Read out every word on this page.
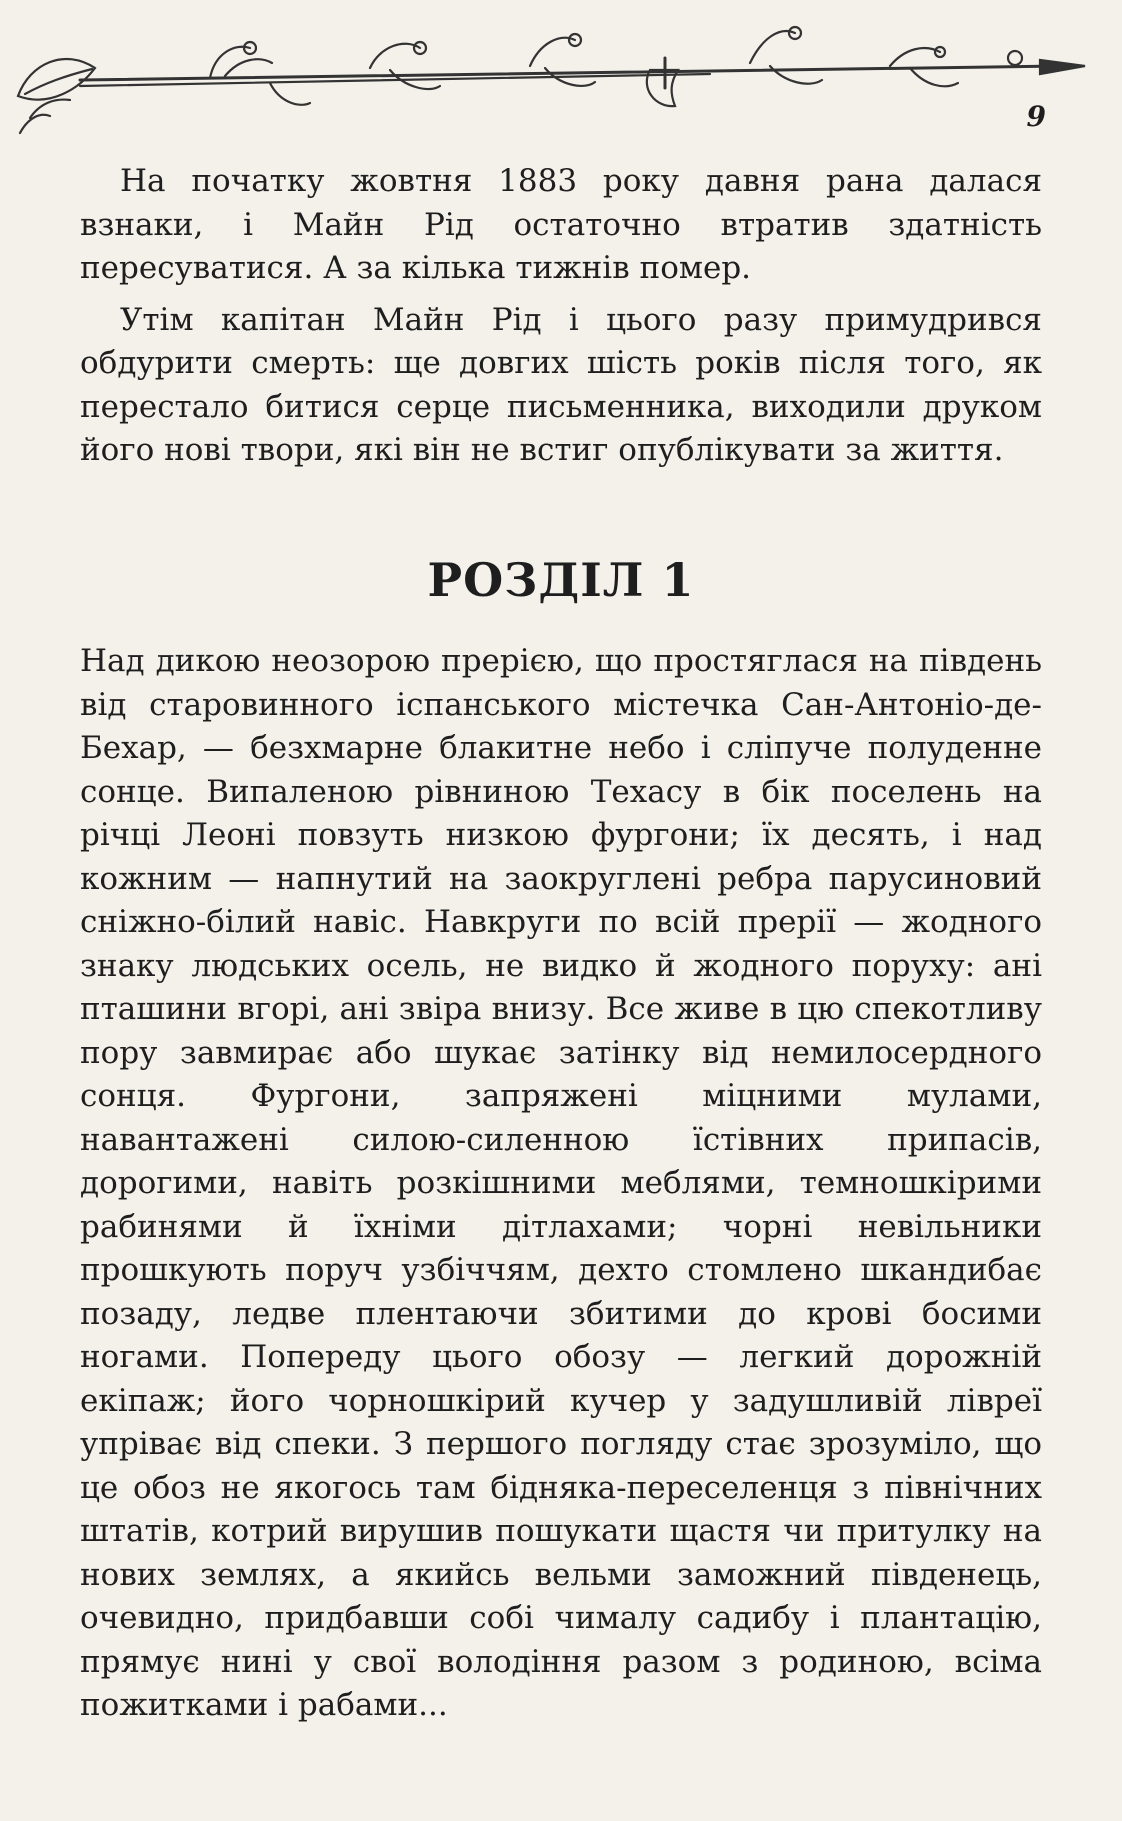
9

На початку жовтня 1883 року давня рана далася взнаки, і Майн Рід остаточно втратив здатність пересуватися. А за кілька тижнів помер.

Утім капітан Майн Рід і цього разу примудрився обдурити смерть: ще довгих шість років після того, як перестало битися серце письменника, виходили друком його нові твори, які він не встиг опублікувати за життя.

РОЗДІЛ 1

Над дикою неозорою прерією, що простяглася на південь від старовинного іспанського містечка Сан-Антоніо-де-Бехар, — безхмарне блакитне небо і сліпуче полуденне сонце. Випаленою рівниною Техасу в бік поселень на річці Леоні повзуть низкою фургони; їх десять, і над кожним — напнутий на заокруглені ребра парусиновий сніжно-білий навіс. Навкруги по всій прерії — жодного знаку людських осель, не видко й жодного поруху: ані пташини вгорі, ані звіра внизу. Все живе в цю спекотливу пору завмирає або шукає затінку від немилосердного сонця. Фургони, запряжені міцними мулами, навантажені силою-силенною їстівних припасів, дорогими, навіть розкішними меблями, темношкірими рабинями й їхніми дітлахами; чорні невільники прошкують поруч узбіччям, дехто стомлено шкандибає позаду, ледве плентаючи збитими до крові босими ногами. Попереду цього обозу — легкий дорожній екіпаж; його чорношкірий кучер у задушливій лівреї упріває від спеки. З першого погляду стає зрозуміло, що це обоз не якогось там бідняка-переселенця з північних штатів, котрий вирушив пошукати щастя чи притулку на нових землях, а якийсь вельми заможний південець, очевидно, придбавши собі чималу садибу і плантацію, прямує нині у свої володіння разом з родиною, всіма пожитками і рабами...
